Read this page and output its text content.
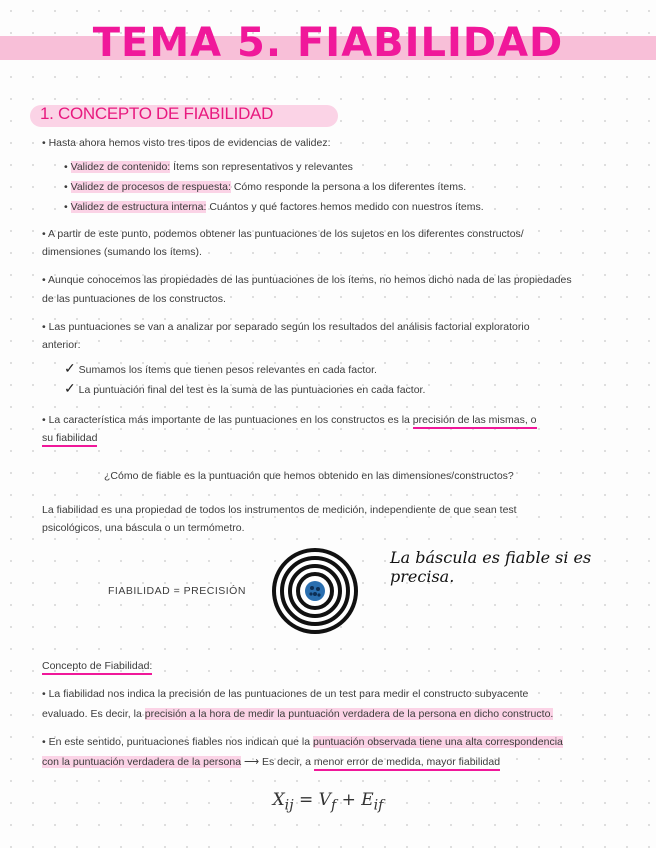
TEMA 5. FIABILIDAD
1. CONCEPTO DE FIABILIDAD
• Hasta ahora hemos visto tres tipos de evidencias de validez:
• Validez de contenido: Ítems son representativos y relevantes
• Validez de procesos de respuesta: Cómo responde la persona a los diferentes ítems.
• Validez de estructura interna: Cuántos y qué factores hemos medido con nuestros ítems.
• A partir de este punto, podemos obtener las puntuaciones de los sujetos en los diferentes constructos/
dimensiones (sumando los ítems).
• Aunque conocemos las propiedades de las puntuaciones de los ítems, no hemos dicho nada de las propiedades
de las puntuaciones de los constructos.
• Las puntuaciones se van a analizar por separado según los resultados del análisis factorial exploratorio
anterior:
✓ Sumamos los ítems que tienen pesos relevantes en cada factor.
✓ La puntuación final del test es la suma de las puntuaciones en cada factor.
• La característica más importante de las puntuaciones en los constructos es la precisión de las mismas, o
su fiabilidad
¿Cómo de fiable es la puntuación que hemos obtenido en las dimensiones/constructos?
La fiabilidad es una propiedad de todos los instrumentos de medición, independiente de que sean test
psicológicos, una báscula o un termómetro.
FIABILIDAD = PRECISIÓN
La báscula es fiable si es precisa.
Concepto de Fiabilidad:
• La fiabilidad nos indica la precisión de las puntuaciones de un test para medir el constructo subyacente
evaluado. Es decir, la precisión a la hora de medir la puntuación verdadera de la persona en dicho constructo.
• En este sentido, puntuaciones fiables nos indican que la puntuación observada tiene una alta correspondencia
con la puntuación verdadera de la persona ⟶ Es decir, a menor error de medida, mayor fiabilidad
$X_{ij} = V_f + E_{if}$
